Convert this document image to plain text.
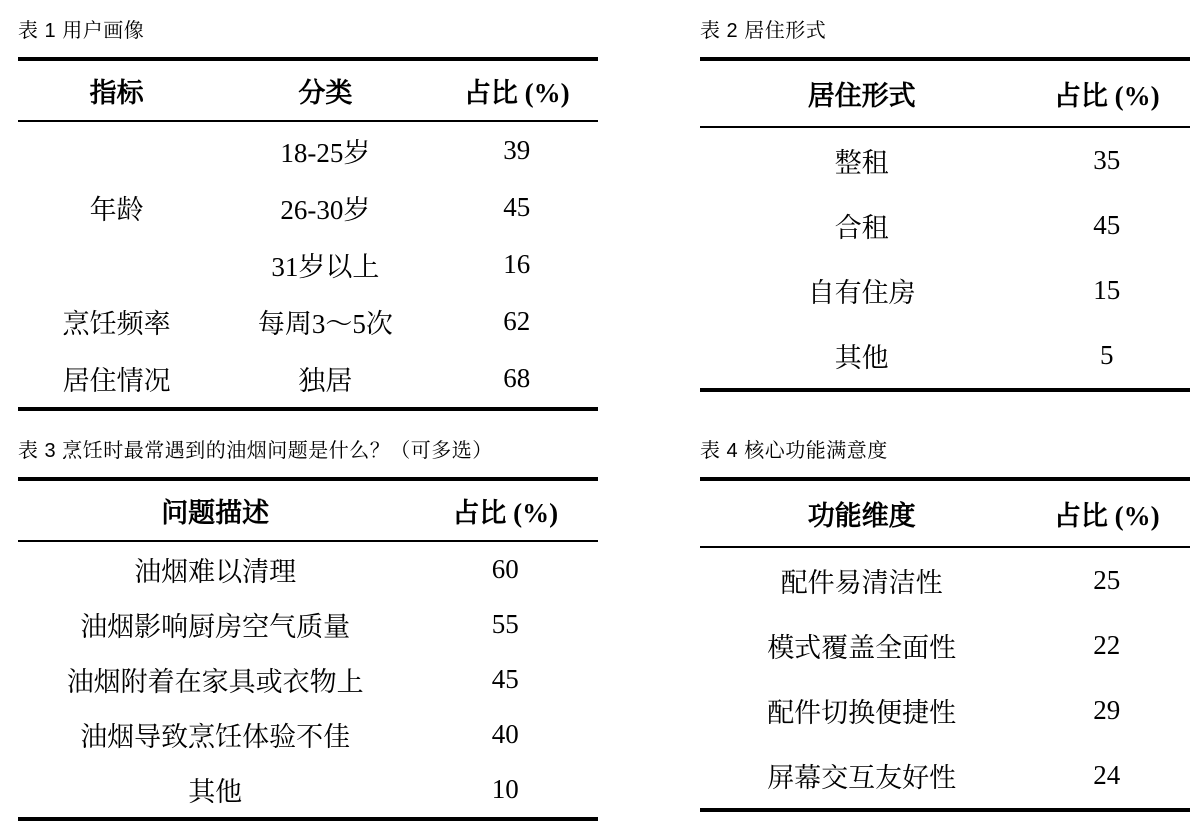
表 1 用户画像
指标	分类	占比 (%)
年龄	18-25岁	39
	26-30岁	45
	31岁以上	16
烹饪频率	每周3～5次	62
居住情况	独居	68
表 2 居住形式
居住形式	占比 (%)
整租	35
合租	45
自有住房	15
其他	5
表 3 烹饪时最常遇到的油烟问题是什么？（可多选）
问题描述	占比 (%)
油烟难以清理	60
油烟影响厨房空气质量	55
油烟附着在家具或衣物上	45
油烟导致烹饪体验不佳	40
其他	10
表 4 核心功能满意度
功能维度	占比 (%)
配件易清洁性	25
模式覆盖全面性	22
配件切换便捷性	29
屏幕交互友好性	24
